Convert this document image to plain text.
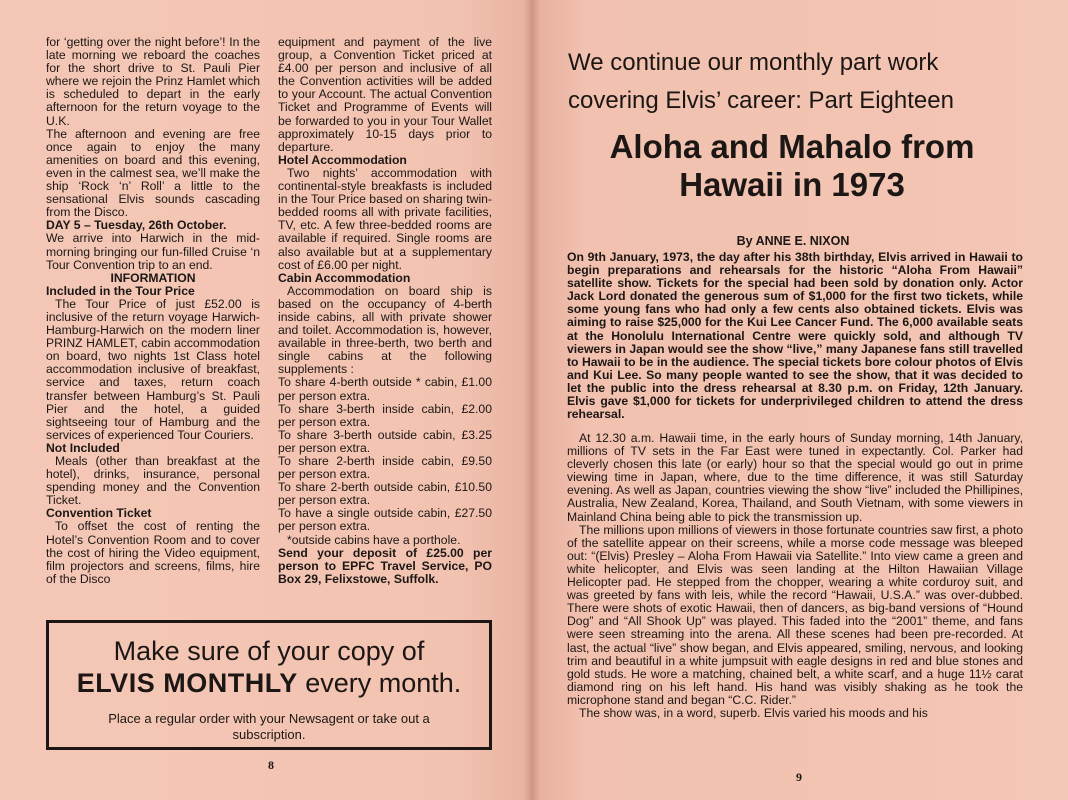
for ‘getting over the night before’! In the late morning we reboard the coaches for the short drive to St. Pauli Pier where we rejoin the Prinz Hamlet which is scheduled to depart in the early afternoon for the return voyage to the U.K.

The afternoon and evening are free once again to enjoy the many amenities on board and this evening, even in the calmest sea, we’ll make the ship ‘Rock ‘n’ Roll’ a little to the sensational Elvis sounds cascading from the Disco.

DAY 5 – Tuesday, 26th October.

We arrive into Harwich in the mid-morning bringing our fun-filled Cruise ‘n Tour Convention trip to an end.

INFORMATION

Included in the Tour Price

The Tour Price of just £52.00 is inclusive of the return voyage Harwich-Hamburg-Harwich on the modern liner PRINZ HAMLET, cabin accommodation on board, two nights 1st Class hotel accommodation inclusive of breakfast, service and taxes, return coach transfer between Hamburg’s St. Pauli Pier and the hotel, a guided sightseeing tour of Hamburg and the services of experienced Tour Couriers.

Not Included

Meals (other than breakfast at the hotel), drinks, insurance, personal spending money and the Convention Ticket.

Convention Ticket

To offset the cost of renting the Hotel’s Convention Room and to cover the cost of hiring the Video equipment, film projectors and screens, films, hire of the Disco

equipment and payment of the live group, a Convention Ticket priced at £4.00 per person and inclusive of all the Convention activities will be added to your Account. The actual Convention Ticket and Programme of Events will be forwarded to you in your Tour Wallet approximately 10-15 days prior to departure.

Hotel Accommodation

Two nights’ accommodation with continental-style breakfasts is included in the Tour Price based on sharing twin-bedded rooms all with private facilities, TV, etc. A few three-bedded rooms are available if required. Single rooms are also available but at a supplementary cost of £6.00 per night.

Cabin Accommodation

Accommodation on board ship is based on the occupancy of 4-berth inside cabins, all with private shower and toilet. Accommodation is, however, available in three-berth, two berth and single cabins at the following supplements :

To share 4-berth outside * cabin, £1.00 per person extra.

To share 3-berth inside cabin, £2.00 per person extra.

To share 3-berth outside cabin, £3.25 per person extra.

To share 2-berth inside cabin, £9.50 per person extra.

To share 2-berth outside cabin, £10.50 per person extra.

To have a single outside cabin, £27.50 per person extra.

*outside cabins have a porthole.

Send your deposit of £25.00 per person to EPFC Travel Service, PO Box 29, Felixstowe, Suffolk.

Make sure of your copy of
ELVIS MONTHLY every month.
Place a regular order with your Newsagent or take out a subscription.
8
We continue our monthly part work
covering Elvis’ career: Part Eighteen
Aloha and Mahalo from
Hawaii in 1973
By ANNE E. NIXON

On 9th January, 1973, the day after his 38th birthday, Elvis arrived in Hawaii to begin preparations and rehearsals for the historic “Aloha From Hawaii” satellite show. Tickets for the special had been sold by donation only. Actor Jack Lord donated the generous sum of $1,000 for the first two tickets, while some young fans who had only a few cents also obtained tickets. Elvis was aiming to raise $25,000 for the Kui Lee Cancer Fund. The 6,000 available seats at the Honolulu International Centre were quickly sold, and although TV viewers in Japan would see the show “live,” many Japanese fans still travelled to Hawaii to be in the audience. The special tickets bore colour photos of Elvis and Kui Lee. So many people wanted to see the show, that it was decided to let the public into the dress rehearsal at 8.30 p.m. on Friday, 12th January. Elvis gave $1,000 for tickets for underprivileged children to attend the dress rehearsal.

At 12.30 a.m. Hawaii time, in the early hours of Sunday morning, 14th January, millions of TV sets in the Far East were tuned in expectantly. Col. Parker had cleverly chosen this late (or early) hour so that the special would go out in prime viewing time in Japan, where, due to the time difference, it was still Saturday evening. As well as Japan, countries viewing the show “live” included the Phillipines, Australia, New Zealand, Korea, Thailand, and South Vietnam, with some viewers in Mainland China being able to pick the transmission up.

The millions upon millions of viewers in those fortunate countries saw first, a photo of the satellite appear on their screens, while a morse code message was bleeped out: “(Elvis) Presley – Aloha From Hawaii via Satellite.” Into view came a green and white helicopter, and Elvis was seen landing at the Hilton Hawaiian Village Helicopter pad. He stepped from the chopper, wearing a white corduroy suit, and was greeted by fans with leis, while the record “Hawaii, U.S.A.” was over-dubbed. There were shots of exotic Hawaii, then of dancers, as big-band versions of “Hound Dog” and “All Shook Up” was played. This faded into the “2001” theme, and fans were seen streaming into the arena. All these scenes had been pre-recorded. At last, the actual “live” show began, and Elvis appeared, smiling, nervous, and looking trim and beautiful in a white jumpsuit with eagle designs in red and blue stones and gold studs. He wore a matching, chained belt, a white scarf, and a huge 11½ carat diamond ring on his left hand. His hand was visibly shaking as he took the microphone stand and began “C.C. Rider.”

The show was, in a word, superb. Elvis varied his moods and his

9
